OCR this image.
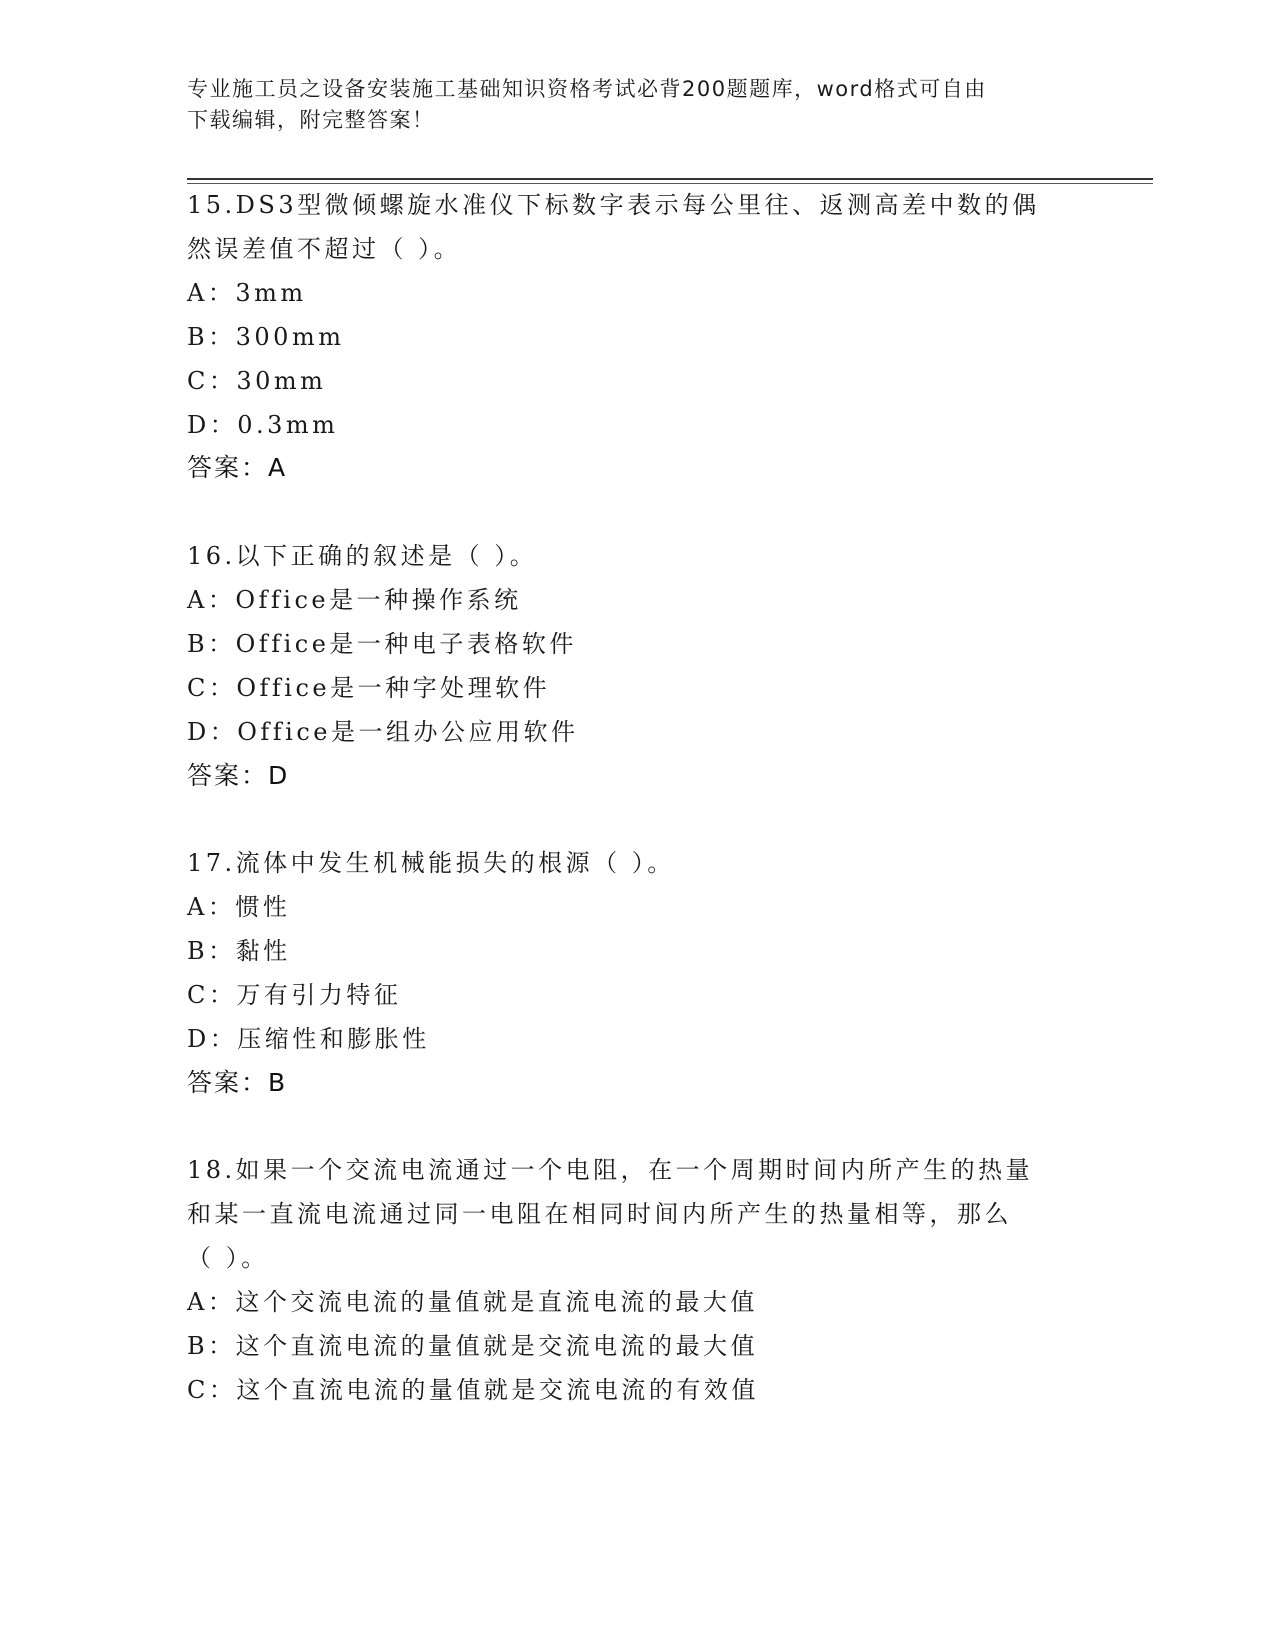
专业施工员之设备安装施工基础知识资格考试必背200题题库，word格式可自由
下载编辑，附完整答案！
15.DS3型微倾螺旋水准仪下标数字表示每公里往、返测高差中数的偶
然误差值不超过（ ）。
A：3mm
B：300mm
C：30mm
D：0.3mm
答案：A
16.以下正确的叙述是（ ）。
A：Office是一种操作系统
B：Office是一种电子表格软件
C：Office是一种字处理软件
D：Office是一组办公应用软件
答案：D
17.流体中发生机械能损失的根源（ ）。
A：惯性
B：黏性
C：万有引力特征
D：压缩性和膨胀性
答案：B
18.如果一个交流电流通过一个电阻，在一个周期时间内所产生的热量
和某一直流电流通过同一电阻在相同时间内所产生的热量相等，那么
（ ）。
A：这个交流电流的量值就是直流电流的最大值
B：这个直流电流的量值就是交流电流的最大值
C：这个直流电流的量值就是交流电流的有效值
